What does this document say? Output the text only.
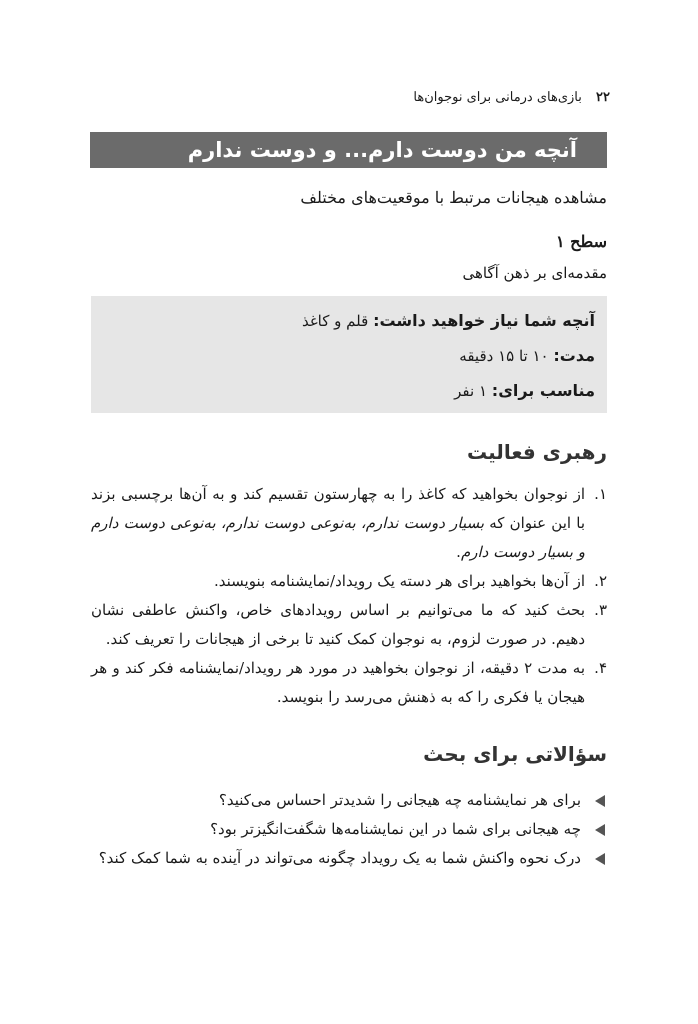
۲۲ بازی‌های درمانی برای نوجوان‌ها
آنچه من دوست دارم... و دوست ندارم
مشاهده هیجانات مرتبط با موقعیت‌های مختلف
سطح ۱
مقدمه‌ای بر ذهن آگاهی
آنچه شما نیاز خواهید داشت: قلم و کاغذ
مدت: ۱۰ تا ۱۵ دقیقه
مناسب برای: ۱ نفر
رهبری فعالیت
۱.
از نوجوان بخواهید که کاغذ را به چهارستون تقسیم کند و به آن‌ها برچسبی بزند با این عنوان که بسیار دوست ندارم، به‌نوعی دوست ندارم، به‌نوعی دوست دارم و بسیار دوست دارم.
۲.
از آن‌ها بخواهید برای هر دسته یک رویداد/نمایشنامه بنویسند.
۳.
بحث کنید که ما می‌توانیم بر اساس رویدادهای خاص، واکنش عاطفی نشان دهیم. در صورت لزوم، به نوجوان کمک کنید تا برخی از هیجانات را تعریف کند.
۴.
به مدت ۲ دقیقه، از نوجوان بخواهید در مورد هر رویداد/نمایشنامه فکر کند و هر هیجان یا فکری را که به ذهنش می‌رسد را بنویسد.
سؤالاتی برای بحث
برای هر نمایشنامه چه هیجانی را شدیدتر احساس می‌کنید؟
چه هیجانی برای شما در این نمایشنامه‌ها شگفت‌انگیزتر بود؟
درک نحوه واکنش شما به یک رویداد چگونه می‌تواند در آینده به شما کمک کند؟
